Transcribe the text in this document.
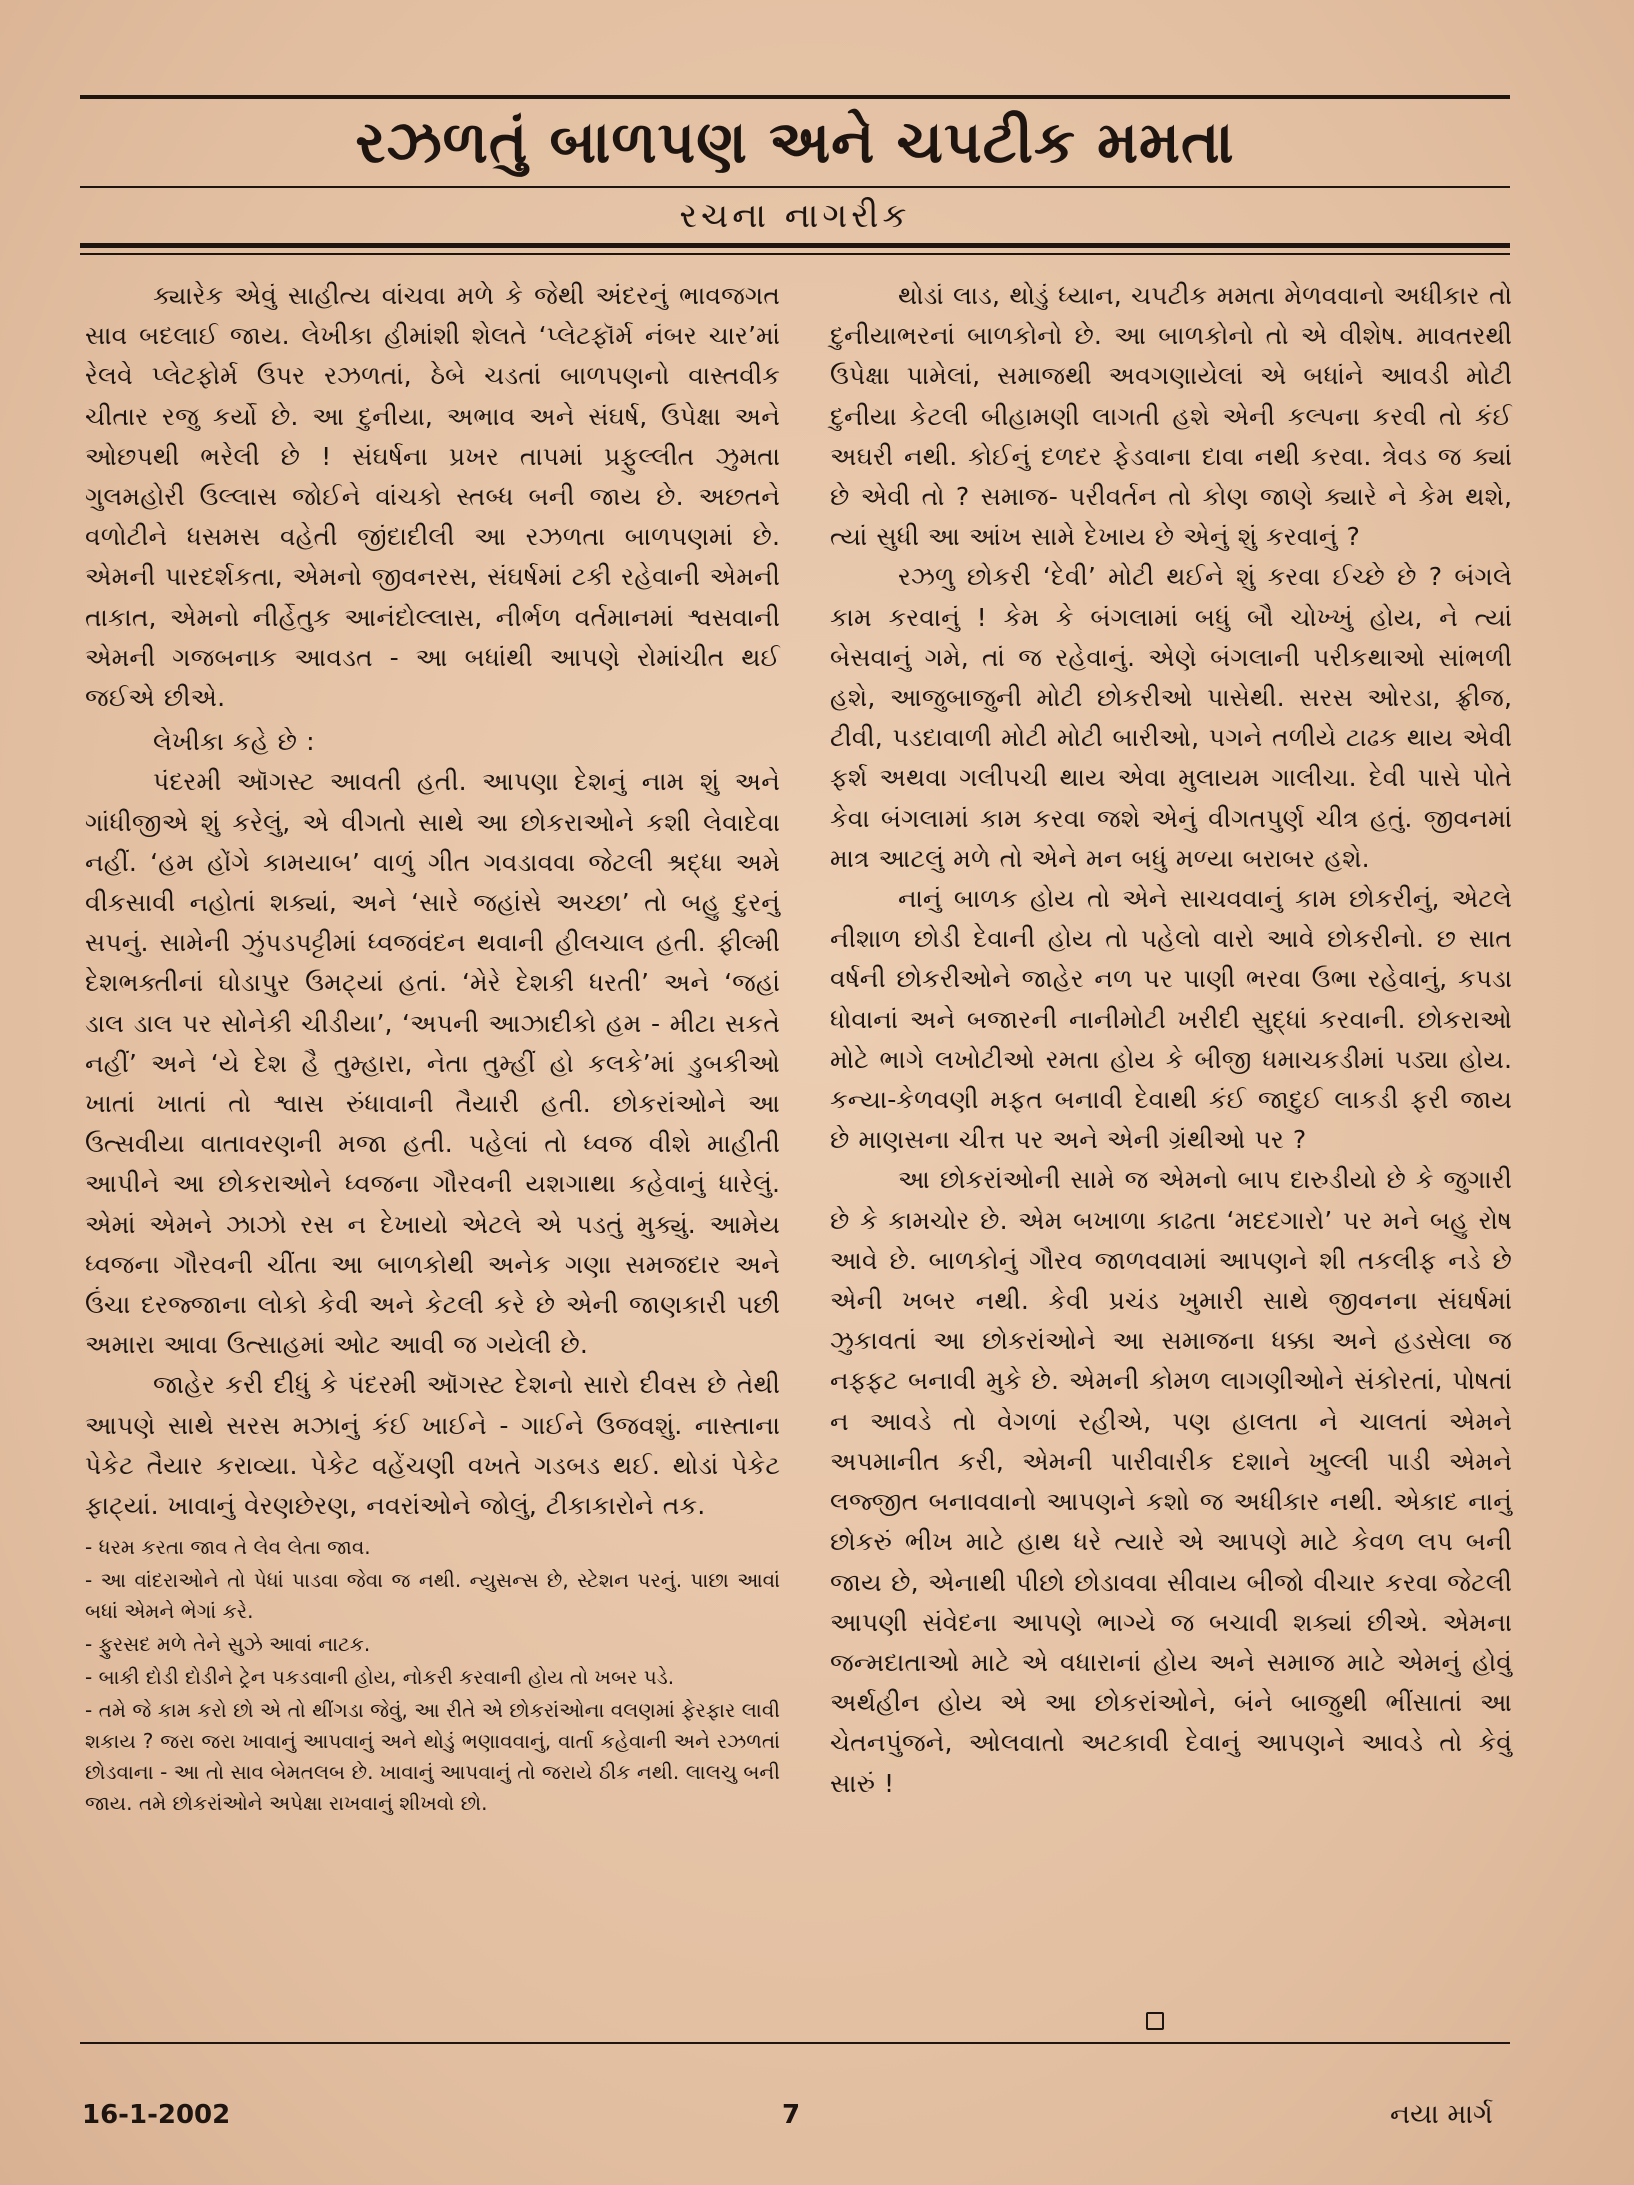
રઝળતું બાળપણ અને ચપટીક મમતા
રચના નાગરીક

ક્યારેક એવું સાહીત્ય વાંચવા મળે કે જેથી અંદરનું ભાવજગત સાવ બદલાઈ જાય. લેખીકા હીમાંશી શેલતે ‘પ્લેટફૉર્મ નંબર ચાર’માં રેલવે પ્લેટફોર્મ ઉપર રઝળતાં, ઠેબે ચડતાં બાળપણનો વાસ્તવીક ચીતાર રજુ કર્યો છે. આ દુનીયા, અભાવ અને સંઘર્ષ, ઉપેક્ષા અને ઓછપથી ભરેલી છે ! સંઘર્ષના પ્રખર તાપમાં પ્રફુલ્લીત ઝુમતા ગુલમહોરી ઉલ્લાસ જોઈને વાંચકો સ્તબ્ધ બની જાય છે. અછતને વળોટીને ધસમસ વહેતી જીંદાદીલી આ રઝળતા બાળપણમાં છે. એમની પારદર્શકતા, એમનો જીવનરસ, સંઘર્ષમાં ટકી રહેવાની એમની તાકાત, એમનો નીર્હેતુક આનંદોલ્લાસ, નીર્ભળ વર્તમાનમાં શ્વસવાની એમની ગજબનાક આવડત - આ બધાંથી આપણે રોમાંચીત થઈ જઈએ છીએ.

લેખીકા કહે છે :

પંદરમી ઑગસ્ટ આવતી હતી. આપણા દેશનું નામ શું અને ગાંધીજીએ શું કરેલું, એ વીગતો સાથે આ છોકરાઓને કશી લેવાદેવા નહીં. ‘હમ હોંગે કામયાબ’ વાળું ગીત ગવડાવવા જેટલી શ્રદ્ધા અમે વીકસાવી નહોતાં શક્યાં, અને ‘સારે જહાંસે અચ્છા’ તો બહુ દુરનું સપનું. સામેની ઝુંપડપટ્ટીમાં ધ્વજવંદન થવાની હીલચાલ હતી. ફીલ્મી દેશભક્તીનાં ઘોડાપુર ઉમટ્યાં હતાં. ‘મેરે દેશકી ધરતી’ અને ‘જહાં ડાલ ડાલ પર સોનેકી ચીડીયા’, ‘અપની આઝાદીકો હમ - મીટા સકતે નહીં’ અને ‘યે દેશ હૈ તુમ્હારા, નેતા તુમ્હીં હો કલકે’માં ડુબકીઓ ખાતાં ખાતાં તો શ્વાસ રુંધાવાની તૈયારી હતી. છોકરાંઓને આ ઉત્સવીયા વાતાવરણની મજા હતી. પહેલાં તો ધ્વજ વીશે માહીતી આપીને આ છોકરાઓને ધ્વજના ગૌરવની યશગાથા કહેવાનું ધારેલું. એમાં એમને ઝાઝો રસ ન દેખાયો એટલે એ પડતું મુક્યું. આમેય ધ્વજના ગૌરવની ચીંતા આ બાળકોથી અનેક ગણા સમજદાર અને ઉંચા દરજ્જાના લોકો કેવી અને કેટલી કરે છે એની જાણકારી પછી અમારા આવા ઉત્સાહમાં ઓટ આવી જ ગયેલી છે.

જાહેર કરી દીધું કે પંદરમી ઑગસ્ટ દેશનો સારો દીવસ છે તેથી આપણે સાથે સરસ મઝાનું કંઈ ખાઈને - ગાઈને ઉજવશું. નાસ્તાના પેકેટ તૈયાર કરાવ્યા. પેકેટ વહેંચણી વખતે ગડબડ થઈ. થોડાં પેકેટ ફાટ્યાં. ખાવાનું વેરણછેરણ, નવરાંઓને જોલું, ટીકાકારોને તક.

- ધરમ કરતા જાવ તે લેવ લેતા જાવ.

- આ વાંદરાઓને તો પેધાં પાડવા જેવા જ નથી. ન્યુસન્સ છે, સ્ટેશન પરનું. પાછા આવાં બધાં એમને ભેગાં કરે.

- ફુરસદ મળે તેને સુઝે આવાં નાટક.

- બાકી દોડી દોડીને ટ્રેન પકડવાની હોય, નોકરી કરવાની હોય તો ખબર પડે.

- તમે જે કામ કરો છો એ તો થીંગડા જેવું, આ રીતે એ છોકરાંઓના વલણમાં ફેરફાર લાવી શકાય ? જરા જરા ખાવાનું આપવાનું અને થોડું ભણાવવાનું, વાર્તા કહેવાની અને રઝળતાં છોડવાના - આ તો સાવ બેમતલબ છે. ખાવાનું આપવાનું તો જરાયે ઠીક નથી. લાલચુ બની જાય. તમે છોકરાંઓને અપેક્ષા રાખવાનું શીખવો છો.

થોડાં લાડ, થોડું ધ્યાન, ચપટીક મમતા મેળવવાનો અધીકાર તો દુનીયાભરનાં બાળકોનો છે. આ બાળકોનો તો એ વીશેષ. માવતરથી ઉપેક્ષા પામેલાં, સમાજથી અવગણાયેલાં એ બધાંને આવડી મોટી દુનીયા કેટલી બીહામણી લાગતી હશે એની કલ્પના કરવી તો કંઈ અઘરી નથી. કોઈનું દળદર ફેડવાના દાવા નથી કરવા. ત્રેવડ જ ક્યાં છે એવી તો ? સમાજ- પરીવર્તન તો કોણ જાણે ક્યારે ને કેમ થશે, ત્યાં સુધી આ આંખ સામે દેખાય છે એનું શું કરવાનું ?

રઝળુ છોકરી ‘દેવી’ મોટી થઈને શું કરવા ઈચ્છે છે ? બંગલે કામ કરવાનું ! કેમ કે બંગલામાં બધું બૌ ચોખ્ખું હોય, ને ત્યાં બેસવાનું ગમે, તાં જ રહેવાનું. એણે બંગલાની પરીકથાઓ સાંભળી હશે, આજુબાજુની મોટી છોકરીઓ પાસેથી. સરસ ઓરડા, ફ્રીજ, ટીવી, પડદાવાળી મોટી મોટી બારીઓ, પગને તળીયે ટાઢક થાય એવી ફર્શ અથવા ગલીપચી થાય એવા મુલાયમ ગાલીચા. દેવી પાસે પોતે કેવા બંગલામાં કામ કરવા જશે એનું વીગતપુર્ણ ચીત્ર હતું. જીવનમાં માત્ર આટલું મળે તો એને મન બધું મળ્યા બરાબર હશે.

નાનું બાળક હોય તો એને સાચવવાનું કામ છોકરીનું, એટલે નીશાળ છોડી દેવાની હોય તો પહેલો વારો આવે છોકરીનો. છ સાત વર્ષની છોકરીઓને જાહેર નળ પર પાણી ભરવા ઉભા રહેવાનું, કપડા ધોવાનાં અને બજારની નાનીમોટી ખરીદી સુદ્ધાં કરવાની. છોકરાઓ મોટે ભાગે લખોટીઓ રમતા હોય કે બીજી ધમાચકડીમાં પડ્યા હોય. કન્યા-કેળવણી મફત બનાવી દેવાથી કંઈ જાદુઈ લાકડી ફરી જાય છે માણસના ચીત્ત પર અને એની ગ્રંથીઓ પર ?

આ છોકરાંઓની સામે જ એમનો બાપ દારુડીયો છે કે જુગારી છે કે કામચોર છે. એમ બખાળા કાઢતા ‘મદદગારો’ પર મને બહુ રોષ આવે છે. બાળકોનું ગૌરવ જાળવવામાં આપણને શી તકલીફ નડે છે એની ખબર નથી. કેવી પ્રચંડ ખુમારી સાથે જીવનના સંઘર્ષમાં ઝુકાવતાં આ છોકરાંઓને આ સમાજના ધક્કા અને હડસેલા જ નફ્ફટ બનાવી મુકે છે. એમની કોમળ લાગણીઓને સંકોરતાં, પોષતાં ન આવડે તો વેગળાં રહીએ, પણ હાલતા ને ચાલતાં એમને અપમાનીત કરી, એમની પારીવારીક દશાને ખુલ્લી પાડી એમને લજ્જીત બનાવવાનો આપણને કશો જ અધીકાર નથી. એકાદ નાનું છોકરું ભીખ માટે હાથ ધરે ત્યારે એ આપણે માટે કેવળ લપ બની જાય છે, એનાથી પીછો છોડાવવા સીવાય બીજો વીચાર કરવા જેટલી આપણી સંવેદના આપણે ભાગ્યે જ બચાવી શક્યાં છીએ. એમના જન્મદાતાઓ માટે એ વધારાનાં હોય અને સમાજ માટે એમનું હોવું અર્થહીન હોય એ આ છોકરાંઓને, બંને બાજુથી ભીંસાતાં આ ચેતનપુંજને, ઓલવાતો અટકાવી દેવાનું આપણને આવડે તો કેવું સારું !

16-1-2002	7	નયા માર્ગ
